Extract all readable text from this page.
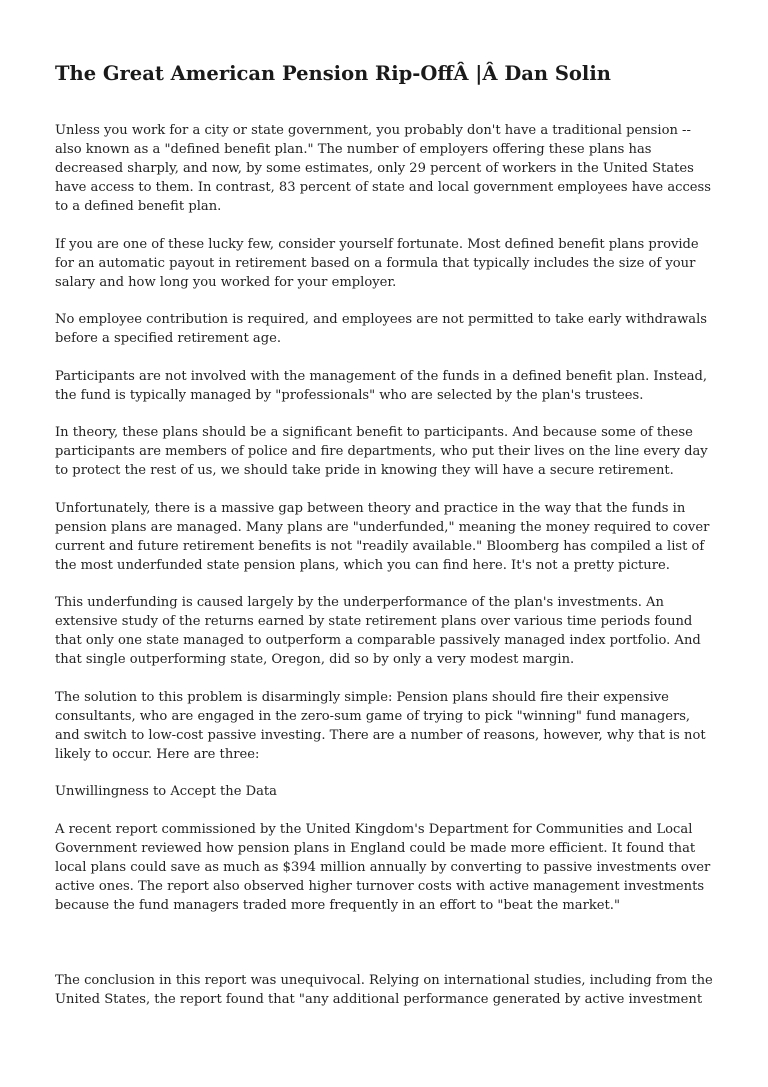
The Great American Pension Rip-OffÂ |Â Dan Solin

Unless you work for a city or state government, you probably don't have a traditional pension -- also known as a "defined benefit plan." The number of employers offering these plans has decreased sharply, and now, by some estimates, only 29 percent of workers in the United States have access to them. In contrast, 83 percent of state and local government employees have access to a defined benefit plan.

If you are one of these lucky few, consider yourself fortunate. Most defined benefit plans provide for an automatic payout in retirement based on a formula that typically includes the size of your salary and how long you worked for your employer.

No employee contribution is required, and employees are not permitted to take early withdrawals before a specified retirement age.

Participants are not involved with the management of the funds in a defined benefit plan. Instead, the fund is typically managed by "professionals" who are selected by the plan's trustees.

In theory, these plans should be a significant benefit to participants. And because some of these participants are members of police and fire departments, who put their lives on the line every day to protect the rest of us, we should take pride in knowing they will have a secure retirement.

Unfortunately, there is a massive gap between theory and practice in the way that the funds in pension plans are managed. Many plans are "underfunded," meaning the money required to cover current and future retirement benefits is not "readily available." Bloomberg has compiled a list of the most underfunded state pension plans, which you can find here. It's not a pretty picture.

This underfunding is caused largely by the underperformance of the plan's investments. An extensive study of the returns earned by state retirement plans over various time periods found that only one state managed to outperform a comparable passively managed index portfolio. And that single outperforming state, Oregon, did so by only a very modest margin.

The solution to this problem is disarmingly simple: Pension plans should fire their expensive consultants, who are engaged in the zero-sum game of trying to pick "winning" fund managers, and switch to low-cost passive investing. There are a number of reasons, however, why that is not likely to occur. Here are three:

Unwillingness to Accept the Data

A recent report commissioned by the United Kingdom's Department for Communities and Local Government reviewed how pension plans in England could be made more efficient. It found that local plans could save as much as $394 million annually by converting to passive investments over active ones. The report also observed higher turnover costs with active management investments because the fund managers traded more frequently in an effort to "beat the market."

The conclusion in this report was unequivocal. Relying on international studies, including from the United States, the report found that "any additional performance generated by active investment
